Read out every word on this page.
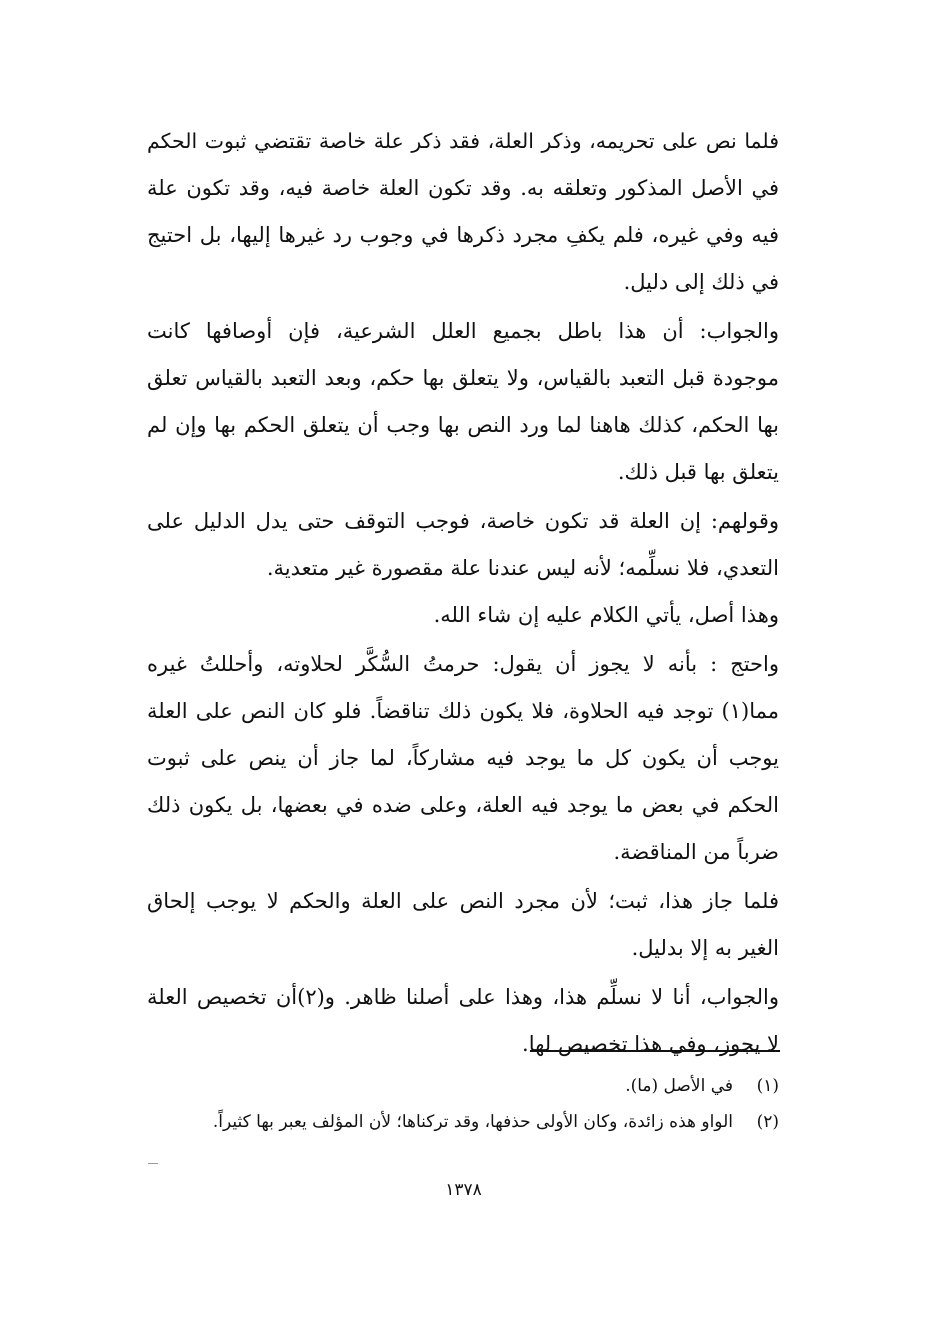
فلما نص على تحريمه، وذكر العلة، فقد ذكر علة خاصة تقتضي ثبوت الحكم
في الأصل المذكور وتعلقه به. وقد تكون العلة خاصة فيه، وقد تكون علة
فيه وفي غيره، فلم يكفِ مجرد ذكرها في وجوب رد غيرها إليها، بل احتيج
في ذلك إلى دليل.
والجواب: أن هذا باطل بجميع العلل الشرعية، فإن أوصافها كانت
موجودة قبل التعبد بالقياس، ولا يتعلق بها حكم، وبعد التعبد بالقياس تعلق
بها الحكم، كذلك هاهنا لما ورد النص بها وجب أن يتعلق الحكم بها وإن لم
يتعلق بها قبل ذلك.
وقولهم: إن العلة قد تكون خاصة، فوجب التوقف حتى يدل الدليل على
التعدي، فلا نسلِّمه؛ لأنه ليس عندنا علة مقصورة غير متعدية.
وهذا أصل، يأتي الكلام عليه إن شاء الله.
واحتج : بأنه لا يجوز أن يقول: حرمتُ السُّكَّر لحلاوته، وأحللتُ غيره
مما(١) توجد فيه الحلاوة، فلا يكون ذلك تناقضاً. فلو كان النص على العلة
يوجب أن يكون كل ما يوجد فيه مشاركاً، لما جاز أن ينص على ثبوت
الحكم في بعض ما يوجد فيه العلة، وعلى ضده في بعضها، بل يكون ذلك
ضرباً من المناقضة.
فلما جاز هذا، ثبت؛ لأن مجرد النص على العلة والحكم لا يوجب إلحاق
الغير به إلا بدليل.
والجواب، أنا لا نسلِّم هذا، وهذا على أصلنا ظاهر. و(٢)أن تخصيص العلة
لا يجوز، وفي هذا تخصيص لها.
(١)في الأصل (ما).
(٢)الواو هذه زائدة، وكان الأولى حذفها، وقد تركناها؛ لأن المؤلف يعبر بها كثيراً.
١٣٧٨
